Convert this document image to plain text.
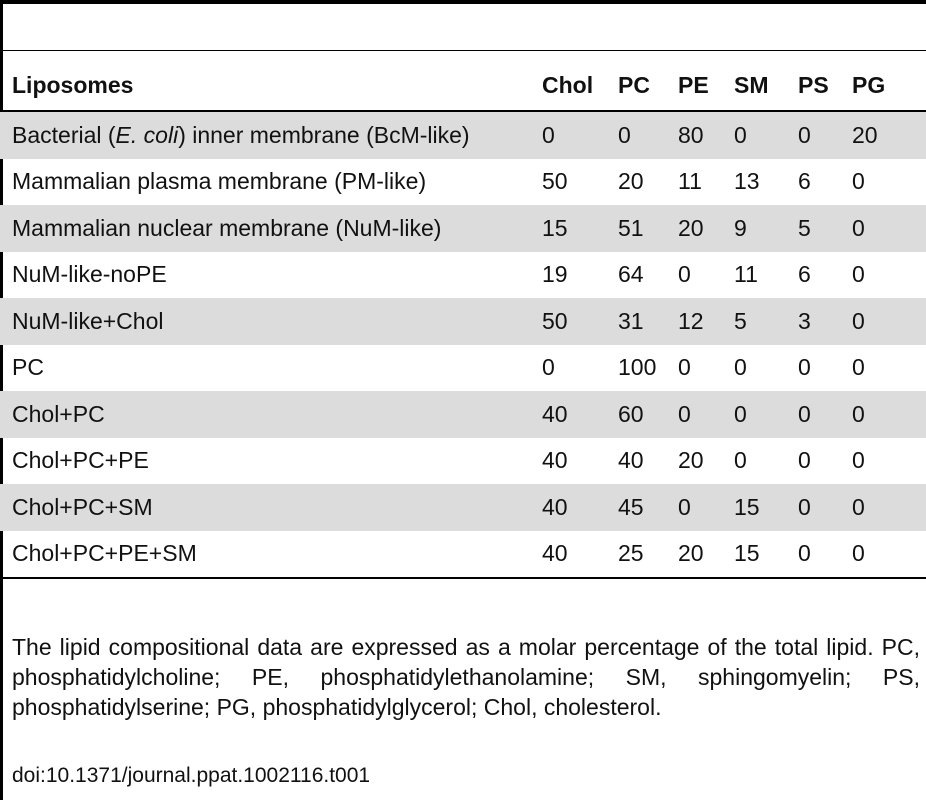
Liposomes	Chol	PC	PE	SM	PS	PG
Bacterial (E. coli) inner membrane (BcM-like)	0	0	80	0	0	20
Mammalian plasma membrane (PM-like)	50	20	11	13	6	0
Mammalian nuclear membrane (NuM-like)	15	51	20	9	5	0
NuM-like-noPE	19	64	0	11	6	0
NuM-like+Chol	50	31	12	5	3	0
PC	0	100	0	0	0	0
Chol+PC	40	60	0	0	0	0
Chol+PC+PE	40	40	20	0	0	0
Chol+PC+SM	40	45	0	15	0	0
Chol+PC+PE+SM	40	25	20	15	0	0

The lipid compositional data are expressed as a molar percentage of the total lipid. PC, phosphatidylcholine; PE, phosphatidylethanolamine; SM, sphingomyelin; PS, phosphatidylserine; PG, phosphatidylglycerol; Chol, cholesterol.

doi:10.1371/journal.ppat.1002116.t001
